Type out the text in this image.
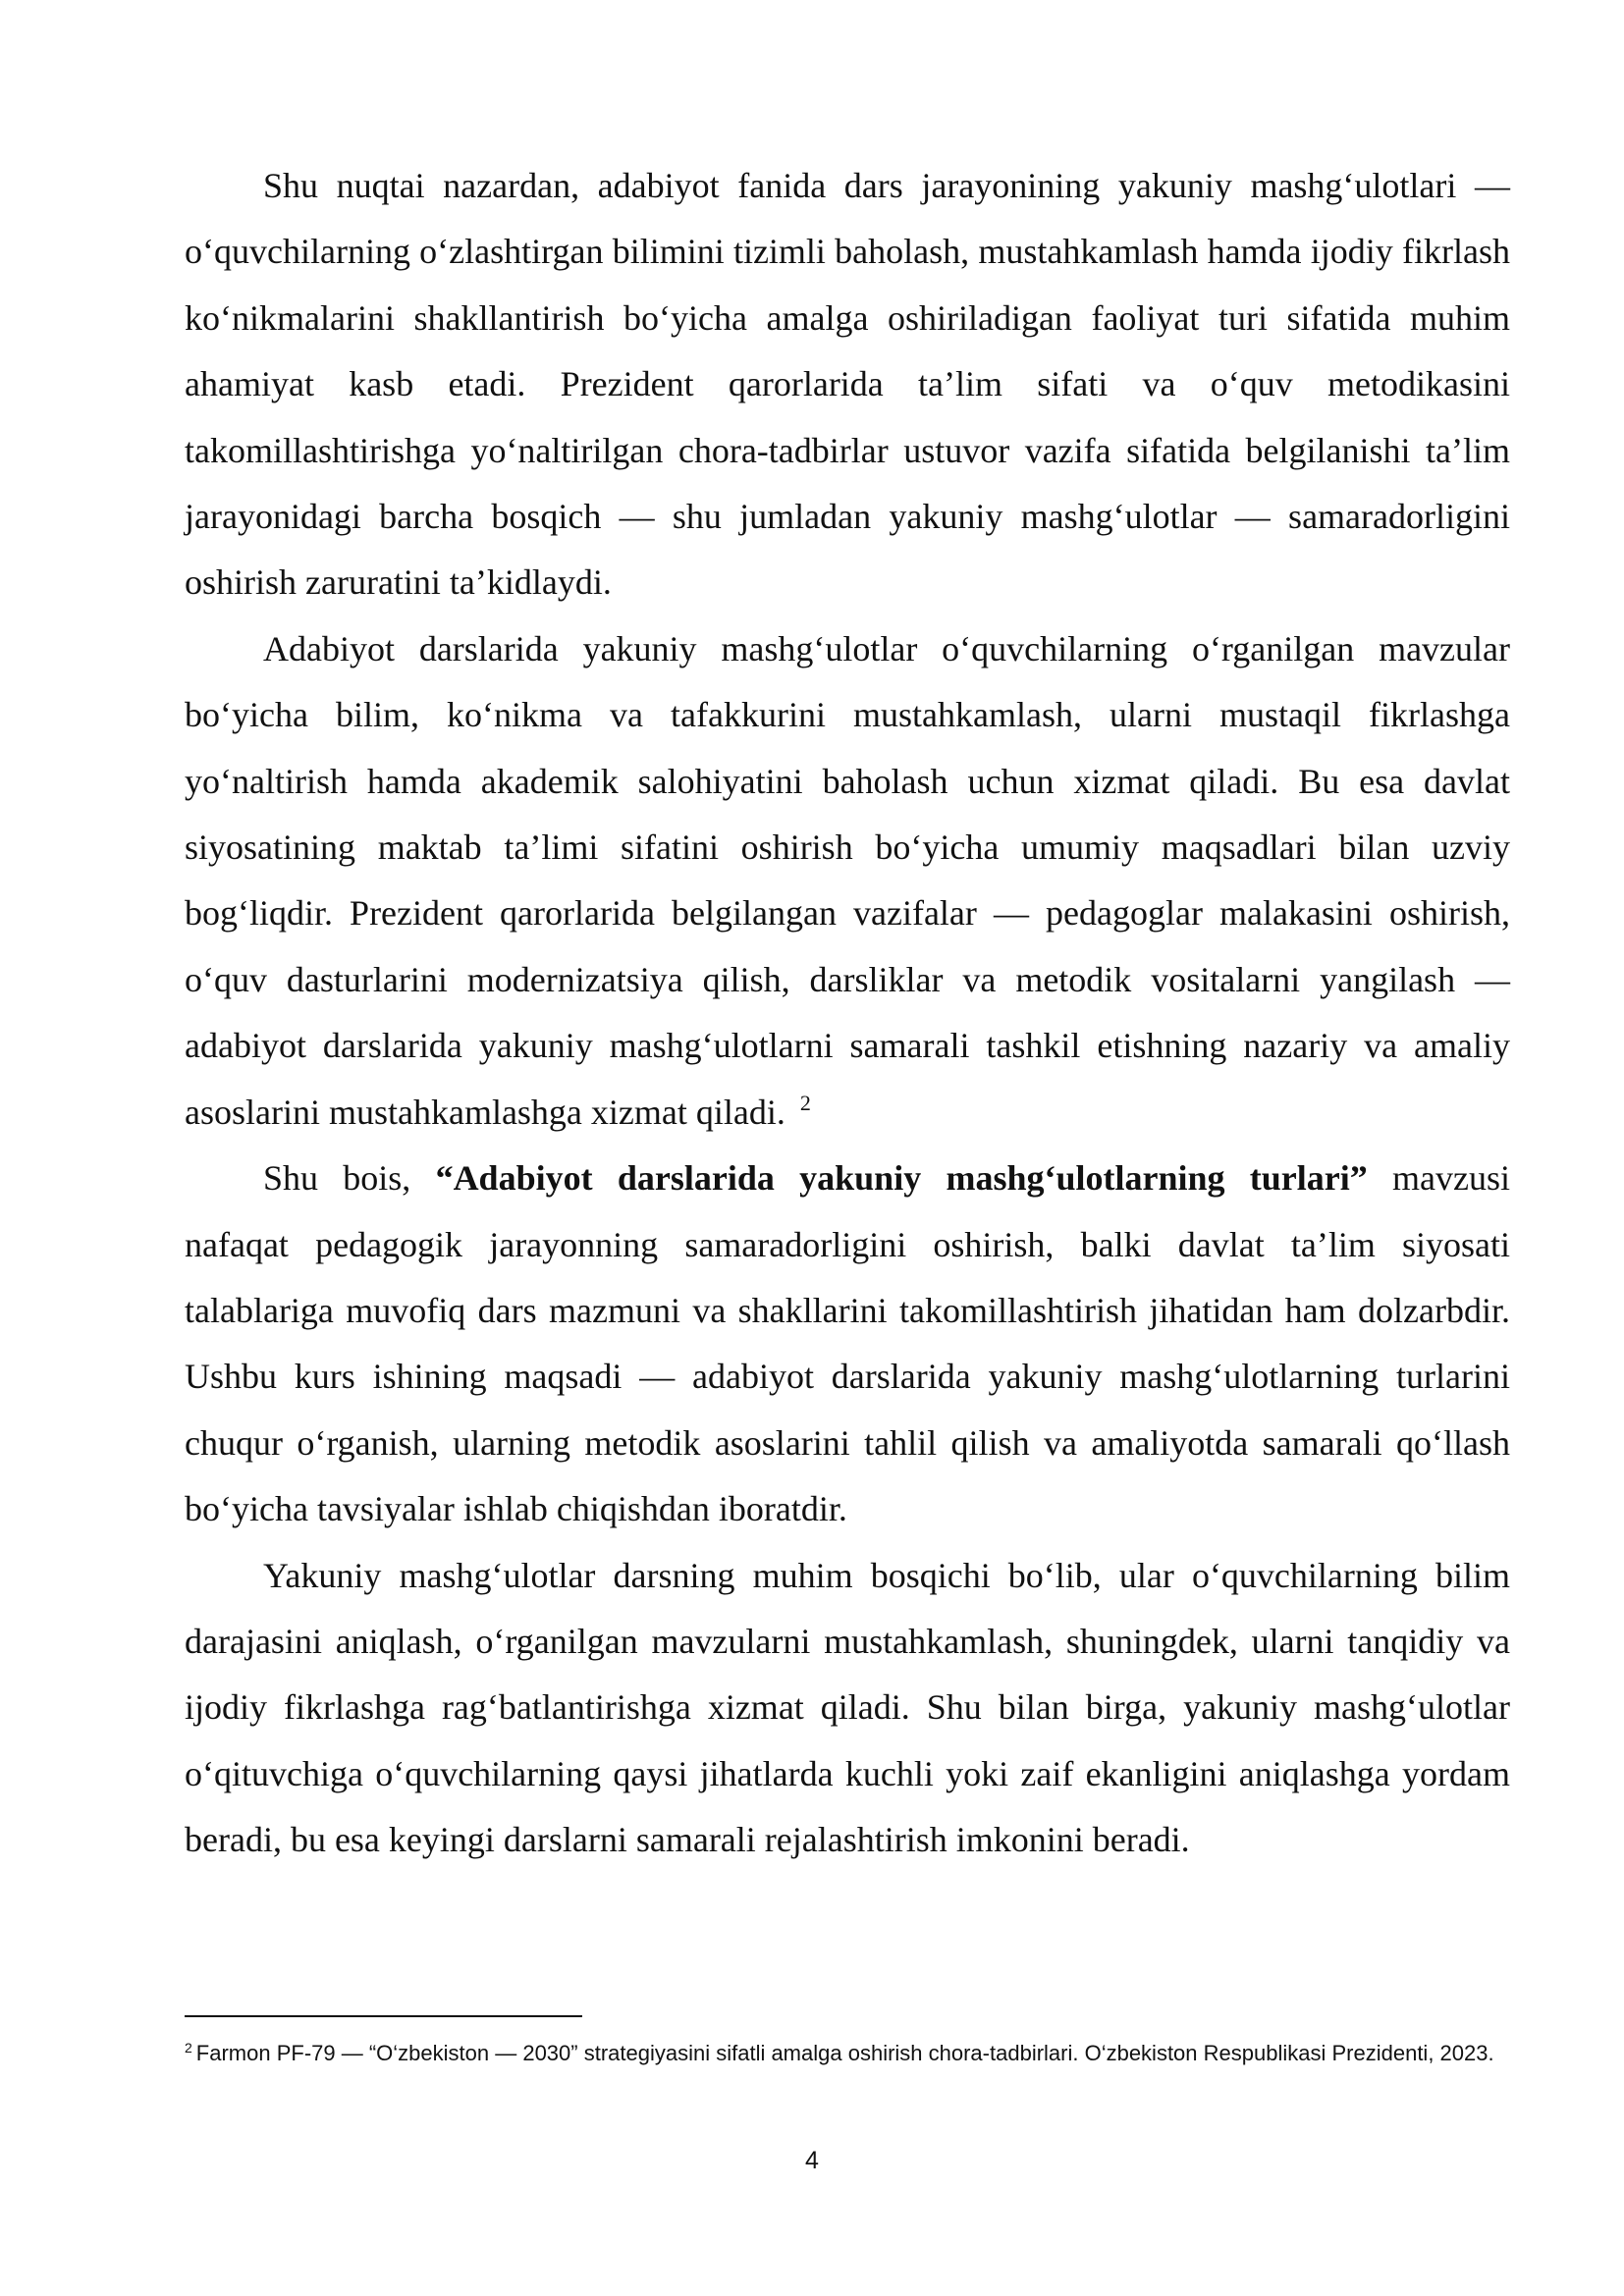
Shu nuqtai nazardan, adabiyot fanida dars jarayonining yakuniy mashg‘ulotlari — o‘quvchilarning o‘zlashtirgan bilimini tizimli baholash, mustahkamlash hamda ijodiy fikrlash ko‘nikmalarini shakllantirish bo‘yicha amalga oshiriladigan faoliyat turi sifatida muhim ahamiyat kasb etadi. Prezident qarorlarida ta’lim sifati va o‘quv metodikasini takomillashtirishga yo‘naltirilgan chora-tadbirlar ustuvor vazifa sifatida belgilanishi ta’lim jarayonidagi barcha bosqich — shu jumladan yakuniy mashg‘ulotlar — samaradorligini oshirish zaruratini ta’kidlaydi.

Adabiyot darslarida yakuniy mashg‘ulotlar o‘quvchilarning o‘rganilgan mavzular bo‘yicha bilim, ko‘nikma va tafakkurini mustahkamlash, ularni mustaqil fikrlashga yo‘naltirish hamda akademik salohiyatini baholash uchun xizmat qiladi. Bu esa davlat siyosatining maktab ta’limi sifatini oshirish bo‘yicha umumiy maqsadlari bilan uzviy bog‘liqdir. Prezident qarorlarida belgilangan vazifalar — pedagoglar malakasini oshirish, o‘quv dasturlarini modernizatsiya qilish, darsliklar va metodik vositalarni yangilash — adabiyot darslarida yakuniy mashg‘ulotlarni samarali tashkil etishning nazariy va amaliy asoslarini mustahkamlashga xizmat qiladi. $^2$

Shu bois, “Adabiyot darslarida yakuniy mashg‘ulotlarning turlari” mavzusi nafaqat pedagogik jarayonning samaradorligini oshirish, balki davlat ta’lim siyosati talablariga muvofiq dars mazmuni va shakllarini takomillashtirish jihatidan ham dolzarbdir. Ushbu kurs ishining maqsadi — adabiyot darslarida yakuniy mashg‘ulotlarning turlarini chuqur o‘rganish, ularning metodik asoslarini tahlil qilish va amaliyotda samarali qo‘llash bo‘yicha tavsiyalar ishlab chiqishdan iboratdir.

Yakuniy mashg‘ulotlar darsning muhim bosqichi bo‘lib, ular o‘quvchilarning bilim darajasini aniqlash, o‘rganilgan mavzularni mustahkamlash, shuningdek, ularni tanqidiy va ijodiy fikrlashga rag‘batlantirishga xizmat qiladi. Shu bilan birga, yakuniy mashg‘ulotlar o‘qituvchiga o‘quvchilarning qaysi jihatlarda kuchli yoki zaif ekanligini aniqlashga yordam beradi, bu esa keyingi darslarni samarali rejalashtirish imkonini beradi.

$^2$ Farmon PF-79 — “O‘zbekiston — 2030” strategiyasini sifatli amalga oshirish chora-tadbirlari. O‘zbekiston Respublikasi Prezidenti, 2023.

4
